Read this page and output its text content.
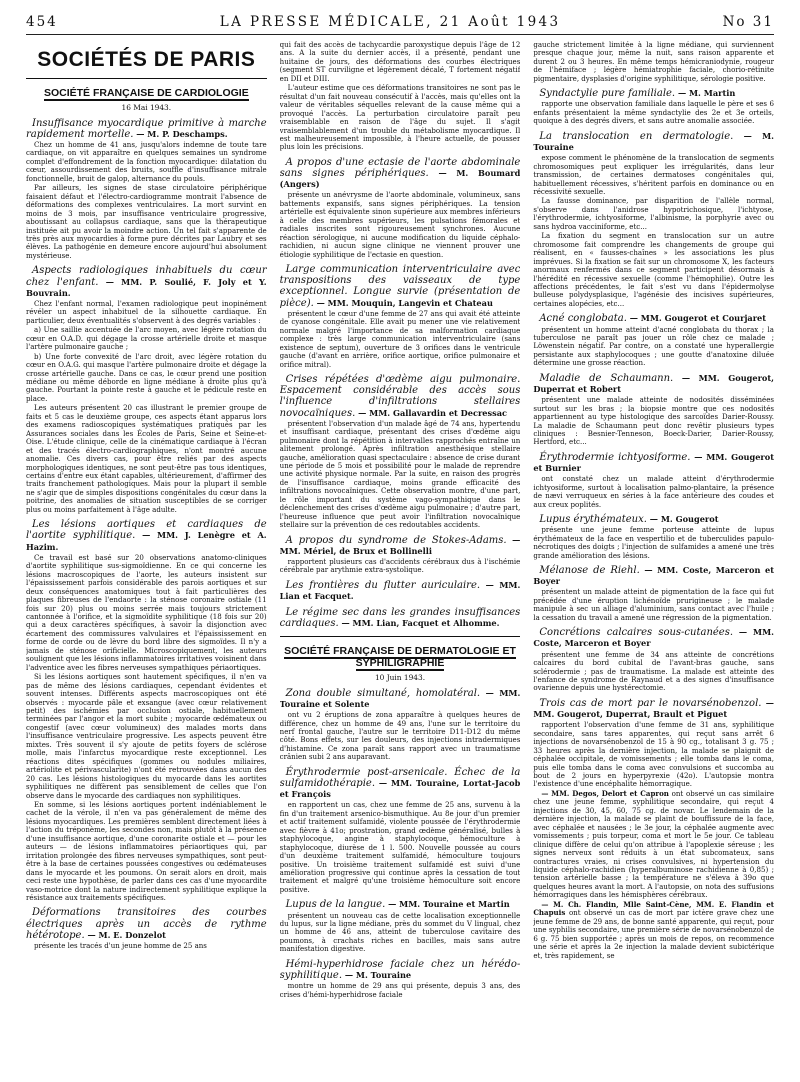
454	LA PRESSE MÉDICALE, 21 Août 1943	No 31
SOCIÉTÉS DE PARIS
SOCIÉTÉ FRANÇAISE DE CARDIOLOGIE
16 Mai 1943.
Insuffisance myocardique primitive à marche rapidement mortelle. — M. P. Deschamps.

Chez un homme de 41 ans, jusqu'alors indemne de toute tare cardiaque, on vit apparaître en quelques semaines un syndrome complet d'effondrement de la fonction myocardique: dilatation du cœur, assourdissement des bruits, souffle d'insuffisance mitrale fonctionnelle, bruit de galop, alternance du pouls.

Par ailleurs, les signes de stase circulatoire périphérique faisaient défaut et l'électro-cardiogramme montrait l'absence de déformations des complexes ventriculaires. La mort survint en moins de 3 mois, par insuffisance ventriculaire progressive, aboutissant au collapsus cardiaque, sans que la thérapeutique instituée ait pu avoir la moindre action. Un tel fait s'apparente de très près aux myocardies à forme pure décrites par Laubry et ses élèves. La pathogénie en demeure encore aujourd'hui absolument mystérieuse.

Aspects radiologiques inhabituels du cœur chez l'enfant. — MM. P. Soulié, F. Joly et Y. Bouvrain.

Chez l'enfant normal, l'examen radiologique peut inopinément révéler un aspect inhabituel de la silhouette cardiaque. En particulier, deux éventualités s'observent à des degrés variables :

a) Une saillie accentuée de l'arc moyen, avec légère rotation du cœur en O.A.D. qui dégage la crosse artérielle droite et masque l'artère pulmonaire gauche ;

b) Une forte convexité de l'arc droit, avec légère rotation du cœur en O.A.G. qui masque l'artère pulmonaire droite et dégage la crosse artérielle gauche. Dans ce cas, le cœur prend une position médiane ou même déborde en ligne médiane à droite plus qu'à gauche. Pourtant la pointe reste à gauche et le pédicule reste en place.

Les auteurs présentent 20 cas illustrant le premier groupe de faits et 5 cas le deuxième groupe, ces aspects étant apparus lors des examens radioscopiques systématiques pratiqués par les Assurances sociales dans les Écoles de Paris, Seine et Seine-et-Oise. L'étude clinique, celle de la cinématique cardiaque à l'écran et des tracés électro-cardiographiques, n'ont montré aucune anomalie. Ces divers cas, pour être reliés par des aspects morphologiques identiques, ne sont peut-être pas tous identiques, certains d'entre eux étant capables, ultérieurement, d'affirmer des traits franchement pathologiques. Mais pour la plupart il semble ne s'agir que de simples dispositions congénitales du cœur dans la poitrine, des anomalies de situation susceptibles de se corriger plus ou moins parfaitement à l'âge adulte.

Les lésions aortiques et cardiaques de l'aortite syphilitique. — MM. J. Lenègre et A. Hazim.

Ce travail est basé sur 20 observations anatomo-cliniques d'aortite syphilitique sus-sigmoïdienne. En ce qui concerne les lésions macroscopiques de l'aorte, les auteurs insistent sur l'épaississement parfois considérable des parois aortiques et sur deux conséquences anatomiques tout à fait particulières des plaques fibreuses de l'endaorte : la sténose coronaire ostiale (11 fois sur 20) plus ou moins serrée mais toujours strictement cantonnée à l'orifice, et la sigmoïdite syphilitique (18 fois sur 20) qui a deux caractères spécifiques, à savoir la disjonction avec écartement des commissures valvulaires et l'épaississement en forme de corde ou de lèvre du bord libre des sigmoïdes. Il n'y a jamais de sténose orificielle. Microscopiquement, les auteurs soulignent que les lésions inflammatoires irritatives voisinent dans l'adventice avec les fibres nerveuses sympathiques périaortiques.

Si les lésions aortiques sont hautement spécifiques, il n'en va pas de même des lésions cardiaques, cependant évidentes et souvent intenses. Différents aspects macroscopiques ont été observés : myocarde pâle et exsangue (avec cœur relativement petit) des ischémies par occlusion ostiale, habituellement terminées par l'angor et la mort subite ; myocarde œdémateux ou congestif (avec cœur volumineux) des malades morts dans l'insuffisance ventriculaire progressive. Les aspects peuvent être mixtes. Très souvent il s'y ajoute de petits foyers de sclérose molle, mais l'infarctus myocardique reste exceptionnel. Les réactions dites spécifiques (gommes ou nodules miliaires, artériolite et périvascularite) n'ont été retrouvées dans aucun des 20 cas. Les lésions histologiques du myocarde dans les aortites syphilitiques ne diffèrent pas sensiblement de celles que l'on observe dans le myocarde des cardiaques non syphilitiques.

En somme, si les lésions aortiques portent indéniablement le cachet de la vérole, il n'en va pas généralement de même des lésions myocardiques. Les premières semblent directement liées à l'action du tréponème, les secondes non, mais plutôt à la présence d'une insuffisance aortique, d'une coronarite ostiale et — pour les auteurs — de lésions inflammatoires périaortiques qui, par irritation prolongée des fibres nerveuses sympathiques, sont peut-être à la base de certaines poussées congestives ou œdémateuses dans le myocarde et les poumons. On serait alors en droit, mais ceci reste une hypothèse, de parler dans ces cas d'une myocardite vaso-motrice dont la nature indirectement syphilitique explique la résistance aux traitements spécifiques.

Déformations transitoires des courbes électriques après un accès de rythme hétérotope. — M. E. Donzelot

présente les tracés d'un jeune homme de 25 ans

qui fait des accès de tachycardie paroxystique depuis l'âge de 12 ans. A la suite du dernier accès, il a présenté, pendant une huitaine de jours, des déformations des courbes électriques (segment ST curviligne et légèrement décalé, T fortement négatif en DII et DIII.

L'auteur estime que ces déformations transitoires ne sont pas le résultat d'un fait nouveau consécutif à l'accès, mais qu'elles ont la valeur de véritables séquelles relevant de la cause même qui a provoqué l'accès. La perturbation circulatoire paraît peu vraisemblable en raison de l'âge du sujet. Il s'agit vraisemblablement d'un trouble du métabolisme myocardique. Il est malheureusement impossible, à l'heure actuelle, de pousser plus loin les précisions.

A propos d'une ectasie de l'aorte abdominale sans signes périphériques. — M. Boumard (Angers)

présente un anévrysme de l'aorte abdominale, volumineux, sans battements expansifs, sans signes périphériques. La tension artérielle est équivalente sinon supérieure aux membres inférieurs à celle des membres supérieurs, les pulsations fémorales et radiales inscrites sont rigoureusement synchrones. Aucune réaction sérologique, ni aucune modification du liquide céphalo-rachidien, ni aucun signe clinique ne viennent prouver une étiologie syphilitique de l'ectasie en question.

Large communication interventriculaire avec transpositions des vaisseaux de type exceptionnel. Longue survie (présentation de pièce). — MM. Mouquin, Langevin et Chateau

présentent le cœur d'une femme de 27 ans qui avait été atteinte de cyanose congénitale. Elle avait pu mener une vie relativement normale malgré l'importance de sa malformation cardiaque complexe : très large communication interventriculaire (sans existence de septum), ouverture de 3 orifices dans le ventricule gauche (d'avant en arrière, orifice aortique, orifice pulmonaire et orifice mitral).

Crises répétées d'œdème aigu pulmonaire. Espacement considérable des accès sous l'influence d'infiltrations stellaires novocaïniques. — MM. Gallavardin et Decressac

présentent l'observation d'un malade âgé de 74 ans, hypertendu et insuffisant cardiaque, présentant des crises d'œdème aigu pulmonaire dont la répétition à intervalles rapprochés entraîne un alitement prolongé. Après infiltration anesthésique stellaire gauche, amélioration quasi spectaculaire : absence de crise durant une période de 5 mois et possibilité pour le malade de reprendre une activité physique normale. Par la suite, en raison des progrès de l'insuffisance cardiaque, moins grande efficacité des infiltrations novocaïniques. Cette observation montre, d'une part, le rôle important du système vago-sympathique dans le déclenchement des crises d'œdème aigu pulmonaire ; d'autre part, l'heureuse influence que peut avoir l'infiltration novocaïnique stellaire sur la prévention de ces redoutables accidents.

A propos du syndrome de Stokes-Adams. — MM. Mériel, de Brux et Bollinelli

rapportent plusieurs cas d'accidents cérébraux dus à l'ischémie cérébrale par arythmie extra-systolique.

Les frontières du flutter auriculaire. — MM. Lian et Facquet.
Le régime sec dans les grandes insuffisances cardiaques. — MM. Lian, Facquet et Alhomme.
SOCIÉTÉ FRANÇAISE DE DERMATOLOGIE ET SYPHILIGRAPHIE
10 Juin 1943.
Zona double simultané, homolatéral. — MM. Touraine et Solente

ont vu 2 éruptions de zona apparaître à quelques heures de différence, chez un homme de 49 ans, l'une sur le territoire du nerf frontal gauche, l'autre sur le territoire D11-D12 du même côté. Bons effets, sur les douleurs, des injections intradermiques d'histamine. Ce zona paraît sans rapport avec un traumatisme crânien subi 2 ans auparavant.

Érythrodermie post-arsenicale. Échec de la sulfamidothérapie. — MM. Touraine, Lortat-Jacob et François

en rapportent un cas, chez une femme de 25 ans, survenu à la fin d'un traitement arsenico-bismuthique. Au 8e jour d'un premier et actif traitement sulfamidé, violente poussée de l'érythrodermie avec fièvre à 41o; prostration, grand œdème généralisé, bulles à staphylocoque, angine à staphylocoque, hémoculture à staphylocoque, diurèse de 1 l. 500. Nouvelle poussée au cours d'un deuxième traitement sulfamidé, hémoculture toujours positive. Un troisième traitement sulfamidé est suivi d'une amélioration progressive qui continue après la cessation de tout traitement et malgré qu'une troisième hémoculture soit encore positive.

Lupus de la langue. — MM. Touraine et Martin

présentent un nouveau cas de cette localisation exceptionnelle du lupus, sur la ligne médiane, près du sommet du V lingual, chez un homme de 46 ans, atteint de tuberculose cavitaire des poumons, à crachats riches en bacilles, mais sans autre manifestation digestive.

Hémi-hyperhidrose faciale chez un hérédo-syphilitique. — M. Touraine

montre un homme de 29 ans qui présente, depuis 3 ans, des crises d'hémi-hyperhidrose faciale

gauche strictement limitée à la ligne médiane, qui surviennent presque chaque jour, même la nuit, sans raison apparente et durent 2 ou 3 heures. En même temps hémicraniodynie, rougeur de l'hémiface ; légère hémiatrophie faciale, chorio-rétinite pigmentaire, dysplasies d'origine syphilitique, sérologie positive.

Syndactylie pure familiale. — M. Martin

rapporte une observation familiale dans laquelle le père et ses 6 enfants présentaient la même syndactylie des 2e et 3e orteils, quoique à des degrés divers, et sans autre anomalie associée.

La translocation en dermatologie. — M. Touraine

expose comment le phénomène de la translocation de segments chromosomiques peut expliquer les irrégularités, dans leur transmission, de certaines dermatoses congénitales qui, habituellement récessives, s'héritent parfois en dominance ou en récessivité sexuelle.

La fausse dominance, par disparition de l'allèle normal, s'observe dans l'anidrose hypotrichosique, l'ichtyose, l'érythrodermie, ichtyosiforme, l'albinisme, la porphyrie avec ou sans hydroa vacciniforme, etc...

La fixation du segment en translocation sur un autre chromosome fait comprendre les changements de groupe qui réalisent, en « fausses-chaînes » les associations les plus imprévues. Si la fixation se fait sur un chromosome X, les facteurs anormaux renfermés dans ce segment participent désormais à l'hérédité en récessive sexuelle (comme l'hémophilie). Outre les affections précédentes, le fait s'est vu dans l'épidermolyse bulleuse polydysplasique, l'agénésie des incisives supérieures, certaines alopécies, etc...

Acné conglobata. — MM. Gougerot et Courjaret

présentent un homme atteint d'acné conglobata du thorax ; la tuberculose ne paraît pas jouer un rôle chez ce malade ; Löwenstein négatif. Par contre, on a constaté une hyperallergie persistante aux staphylocoques ; une goutte d'anatoxine diluée détermine une grosse réaction.

Maladie de Schaumann. — MM. Gougerot, Duperrat et Robert

présentent une malade atteinte de nodosités disséminées surtout sur les bras ; la biopsie montre que ces nodosités appartiennent au type histologique des sarcoïdes Darier-Roussy. La maladie de Schaumann peut donc revêtir plusieurs types cliniques : Besnier-Tenneson, Boeck-Darier, Darier-Roussy, Hertford, etc...

Érythrodermie ichtyosiforme. — MM. Gougerot et Burnier

ont constaté chez un malade atteint d'érythrodermie ichtyosiforme, surtout à localisation palmo-plantaire, la présence de nævi verruqueux en séries à la face antérieure des coudes et aux creux poplités.

Lupus érythémateux. — M. Gougerot

présente une jeune femme porteuse atteinte de lupus érythémateux de la face en vespertilio et de tuberculides papulo-nécrotiques des doigts ; l'injection de sulfamides a amené une très grande amélioration des lésions.

Mélanose de Riehl. — MM. Coste, Marceron et Boyer

présentent un malade atteint de pigmentation de la face qui fut précédée d'une éruption lichénoïde prurigineuse ; le malade manipule à sec un alliage d'aluminium, sans contact avec l'huile ; la cessation du travail a amené une régression de la pigmentation.

Concrétions calcaires sous-cutanées. — MM. Coste, Marceron et Boyer

présentent une femme de 34 ans atteinte de concrétions calcaires du bord cubital de l'avant-bras gauche, sans sclérodermie ; pas de traumatisme. La malade est atteinte des l'enfance de syndrome de Raynaud et a des signes d'insuffisance ovarienne depuis une hystérectomie.

Trois cas de mort par le novarsénobenzol. — MM. Gougerot, Duperrat, Brault et Piguet

rapportent l'observation d'une femme de 31 ans, syphilitique secondaire, sans tares apparentes, qui reçut sans arrêt 6 injections de novarsénobenzol de 15 à 90 cg., totalisant 3 g. 75 ; 33 heures après la dernière injection, la malade se plaignit de céphalée occipitale, de vomissements ; elle tomba dans le coma, puis elle tomba dans le coma avec convulsions et succomba au bout de 2 jours en hyperpyrexie (42o). L'autopsie montra l'existence d'une encéphalite hémorragique.

— MM. Degos, Delort et Capron ont observé un cas similaire chez une jeune femme, syphilitique secondaire, qui reçut 4 injections de 30, 45, 60, 75 cg. de novar. Le lendemain de la dernière injection, la malade se plaint de bouffissure de la face, avec céphalée et nausées ; le 3e jour, la céphalée augmente avec vomissements ; puis torpeur, coma et mort le 5e jour. Ce tableau clinique diffère de celui qu'on attribue à l'apoplexie séreuse ; les signes nerveux sont réduits à un état subcomateux, sans contractures vraies, ni crises convulsives, ni hypertension du liquide céphalo-rachidien (hyperalbuminose rachidienne à 0,85) ; tension artérielle basse ; la température ne s'éleva à 39o que quelques heures avant la mort. A l'autopsie, on nota des suffusions hémorragiques dans les hémisphères cérébraux.

— M. Ch. Flandin, Mlle Saint-Cène, MM. E. Flandin et Chapuis ont observé un cas de mort par ictère grave chez une jeune femme de 29 ans, de bonne santé apparente, qui reçut, pour une syphilis secondaire, une première série de novarsénobenzol de 6 g. 75 bien supportée ; après un mois de repos, on recommence une série et après la 2e injection la malade devient subictérique et, très rapidement, se
